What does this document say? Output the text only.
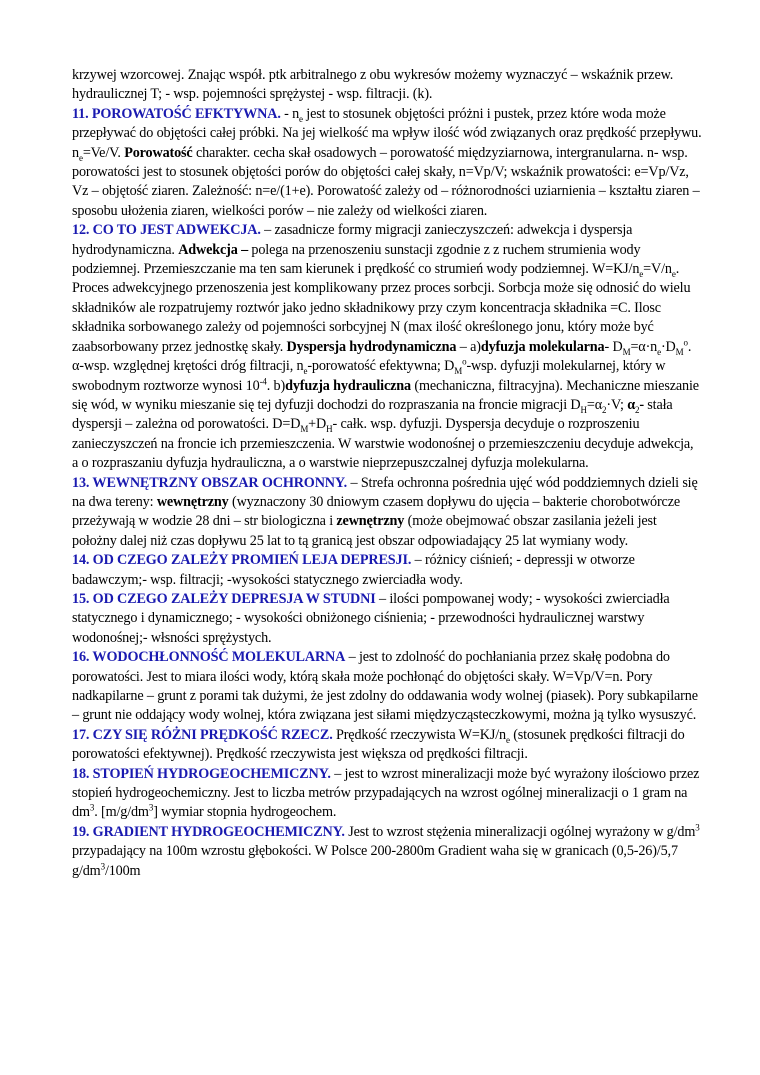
krzywej wzorcowej. Znając współ. ptk arbitralnego z obu wykresów możemy wyznaczyć – wskaźnik przew. hydraulicznej T; - wsp. pojemności sprężystej - wsp. filtracji. (k).

11. POROWATOŚĆ EFKTYWNA. - $n_e$ jest to stosunek objętości próżni i pustek, przez które woda może przepływać do objętości całej próbki. Na jej wielkość ma wpływ ilość wód związanych oraz prędkość przepływu. $n_e=Ve/V$. Porowatość charakter. cecha skał osadowych – porowatość międzyziarnowa, intergranularna. n- wsp. porowatości jest to stosunek objętości porów do objętości całej skały, n=Vp/V; wskaźnik prowatości: e=Vp/Vz, Vz – objętość ziaren. Zależność: n=e/(1+e). Porowatość zależy od – różnorodności uziarnienia – kształtu ziaren – sposobu ułożenia ziaren, wielkości porów – nie zależy od wielkości ziaren.

12. CO TO JEST ADWEKCJA. – zasadnicze formy migracji zanieczyszczeń: adwekcja i dyspersja hydrodynamiczna. Adwekcja – polega na przenoszeniu sunstacji zgodnie z z ruchem strumienia wody podziemnej. Przemieszczanie ma ten sam kierunek i prędkość co strumień wody podziemnej. $W=KJ/n_e=V/n_e$. Proces adwekcyjnego przenoszenia jest komplikowany przez proces sorbcji. Sorbcja może się odnosić do wielu składników ale rozpatrujemy roztwór jako jedno składnikowy przy czym koncentracja składnika =C. Ilosc składnika sorbowanego zależy od pojemności sorbcyjnej N (max ilość określonego jonu, który może być zaabsorbowany przez jednostkę skały. Dyspersja hydrodynamiczna – a)dyfuzja molekularna- $D_M=\alpha\cdot n_e\cdot D_M^o$. α-wsp. względnej krętości dróg filtracji, $n_e$-porowatość efektywna; $D_M^o$-wsp. dyfuzji molekularnej, który w swobodnym roztworze wynosi $10^{-4}$. b)dyfuzja hydrauliczna (mechaniczna, filtracyjna). Mechaniczne mieszanie się wód, w wyniku mieszanie się tej dyfuzji dochodzi do rozpraszania na froncie migracji $D_H=\alpha_2\cdot V$; $\alpha_2-$ stała dyspersji – zależna od porowatości. $D=D_M+D_H-$ całk. wsp. dyfuzji. Dyspersja decyduje o rozproszeniu zanieczyszczeń na froncie ich przemieszczenia. W warstwie wodonośnej o przemieszczeniu decyduje adwekcja, a o rozpraszaniu dyfuzja hydrauliczna, a o warstwie nieprzepuszczalnej dyfuzja molekularna.

13. WEWNĘTRZNY OBSZAR OCHRONNY. – Strefa ochronna pośrednia ujęć wód poddziemnych dzieli się na dwa tereny: wewnętrzny (wyznaczony 30 dniowym czasem dopływu do ujęcia – bakterie chorobotwórcze przeżywają w wodzie 28 dni – str biologiczna i zewnętrzny (może obejmować obszar zasilania jeżeli jest położny dalej niż czas dopływu 25 lat to tą granicą jest obszar odpowiadający 25 lat wymiany wody.

14. OD CZEGO ZALEŻY PROMIEŃ LEJA DEPRESJI. – różnicy ciśnień; - depressji w otworze badawczym;- wsp. filtracji; -wysokości statycznego zwierciadła wody.

15. OD CZEGO ZALEŻY DEPRESJA W STUDNI – ilości pompowanej wody; - wysokości zwierciadła statycznego i dynamicznego; - wysokości obniżonego ciśnienia; - przewodności hydraulicznej warstwy wodonośnej;- włsności sprężystych.

16. WODOCHŁONNOŚĆ MOLEKULARNA – jest to zdolność do pochłaniania przez skałę podobna do porowatości. Jest to miara ilości wody, którą skała może pochłonąć do objętości skały. W=Vp/V=n. Pory nadkapilarne – grunt z porami tak dużymi, że jest zdolny do oddawania wody wolnej (piasek). Pory subkapilarne – grunt nie oddający wody wolnej, która związana jest siłami międzycząsteczkowymi, można ją tylko wysuszyć.

17. CZY SIĘ RÓŻNI PRĘDKOŚĆ RZECZ. Prędkość rzeczywista $W=KJ/n_e$ (stosunek prędkości filtracji do porowatości efektywnej). Prędkość rzeczywista jest większa od prędkości filtracji.

18. STOPIEŃ HYDROGEOCHEMICZNY. – jest to wzrost mineralizacji może być wyrażony ilościowo przez stopień hydrogeochemiczny. Jest to liczba metrów przypadających na wzrost ogólnej mineralizacji o 1 gram na $dm^3$. $[m/g/dm^3]$ wymiar stopnia hydrogeochem.

19. GRADIENT HYDROGEOCHEMICZNY. Jest to wzrost stężenia mineralizacji ogólnej wyrażony w $g/dm^3$ przypadający na 100m wzrostu głębokości. W Polsce 200-2800m Gradient waha się w granicach (0,5-26)/5,7 $g/dm^3/100m$
